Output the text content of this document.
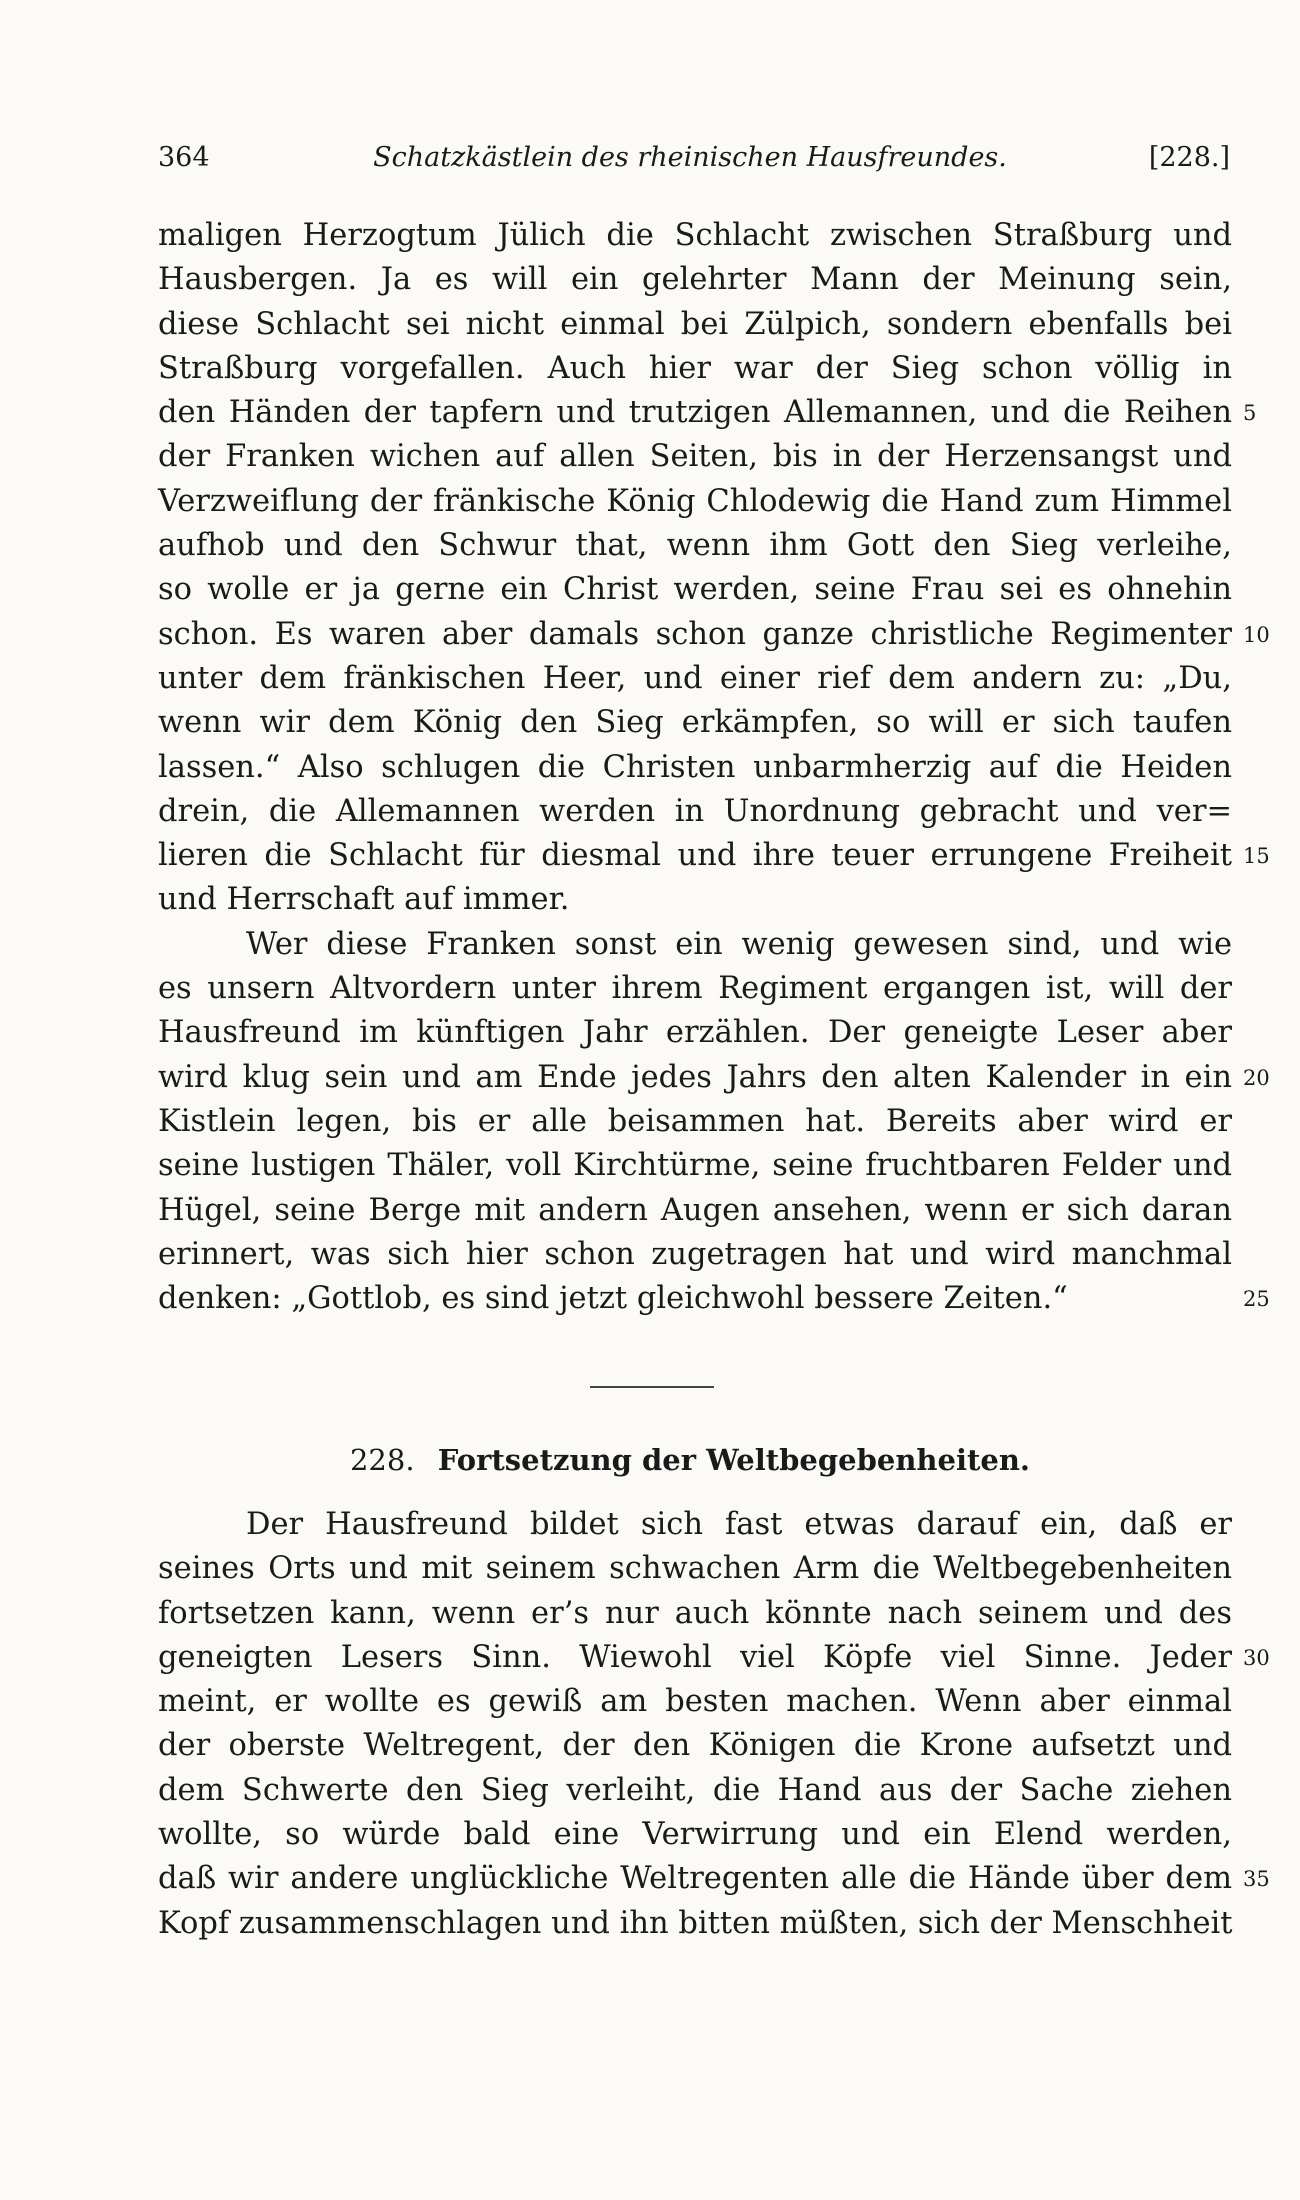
364	Schatzkästlein des rheinischen Hausfreundes.	[228.]
maligen Herzogtum Jülich die Schlacht zwischen Straßburg und
Hausbergen. Ja es will ein gelehrter Mann der Meinung sein,
diese Schlacht sei nicht einmal bei Zülpich, sondern ebenfalls bei
Straßburg vorgefallen. Auch hier war der Sieg schon völlig in
den Händen der tapfern und trutzigen Allemannen, und die Reihen 5
der Franken wichen auf allen Seiten, bis in der Herzensangst und
Verzweiflung der fränkische König Chlodewig die Hand zum Himmel
aufhob und den Schwur that, wenn ihm Gott den Sieg verleihe,
so wolle er ja gerne ein Christ werden, seine Frau sei es ohnehin
schon. Es waren aber damals schon ganze christliche Regimenter 10
unter dem fränkischen Heer, und einer rief dem andern zu: „Du,
wenn wir dem König den Sieg erkämpfen, so will er sich taufen
lassen.“ Also schlugen die Christen unbarmherzig auf die Heiden
drein, die Allemannen werden in Unordnung gebracht und ver=
lieren die Schlacht für diesmal und ihre teuer errungene Freiheit 15
und Herrschaft auf immer.
Wer diese Franken sonst ein wenig gewesen sind, und wie
es unsern Altvordern unter ihrem Regiment ergangen ist, will der
Hausfreund im künftigen Jahr erzählen. Der geneigte Leser aber
wird klug sein und am Ende jedes Jahrs den alten Kalender in ein 20
Kistlein legen, bis er alle beisammen hat. Bereits aber wird er
seine lustigen Thäler, voll Kirchtürme, seine fruchtbaren Felder und
Hügel, seine Berge mit andern Augen ansehen, wenn er sich daran
erinnert, was sich hier schon zugetragen hat und wird manchmal
denken: „Gottlob, es sind jetzt gleichwohl bessere Zeiten.“	25
228. Fortsetzung der Weltbegebenheiten.
Der Hausfreund bildet sich fast etwas darauf ein, daß er
seines Orts und mit seinem schwachen Arm die Weltbegebenheiten
fortsetzen kann, wenn er’s nur auch könnte nach seinem und des
geneigten Lesers Sinn. Wiewohl viel Köpfe viel Sinne. Jeder 30
meint, er wollte es gewiß am besten machen. Wenn aber einmal
der oberste Weltregent, der den Königen die Krone aufsetzt und
dem Schwerte den Sieg verleiht, die Hand aus der Sache ziehen
wollte, so würde bald eine Verwirrung und ein Elend werden,
daß wir andere unglückliche Weltregenten alle die Hände über dem 35
Kopf zusammenschlagen und ihn bitten müßten, sich der Menschheit
